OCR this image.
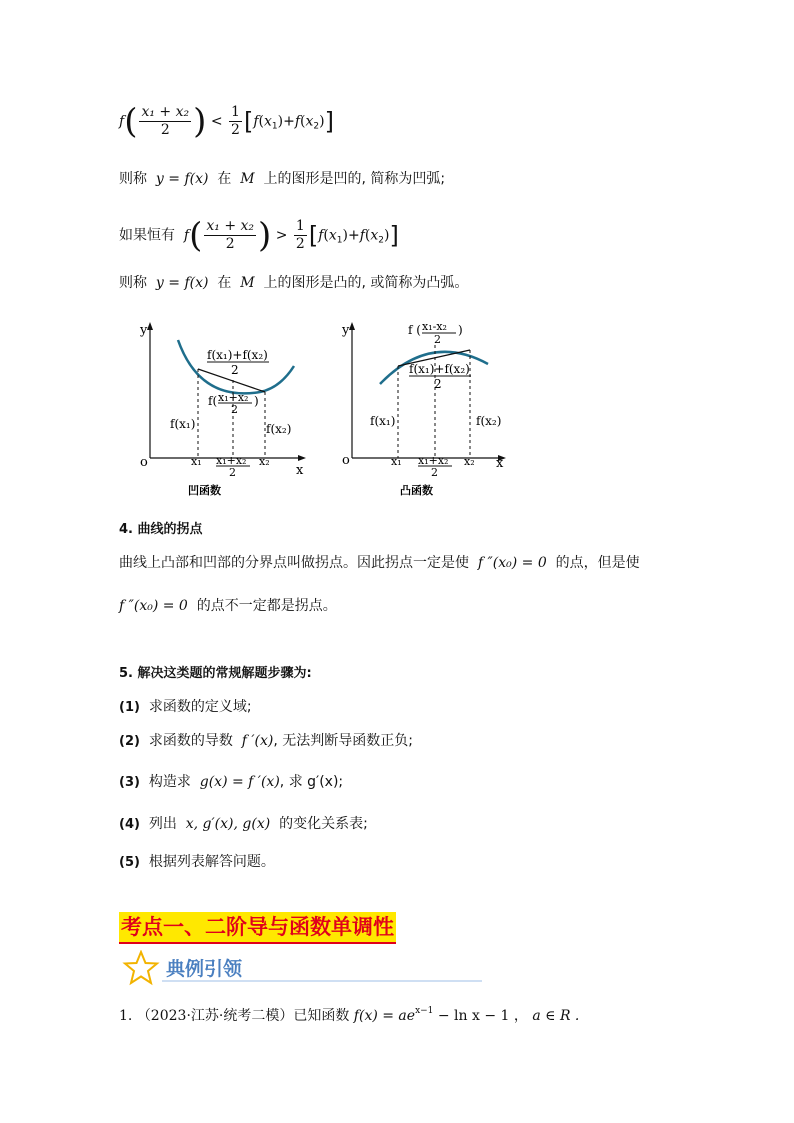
$f( \frac{\text{x₁ + x₂}}{2}$ ) < $\frac{1}{2} [f(x_1)+f(x_2)]$
则称 y = f(x) 在 M 上的图形是凹的, 简称为凹弧;
如果恒有 $f( \frac{\text{x₁ + x₂}}{2}$ ) > $\frac{1}{2} [f(x_1)+f(x_2)]$
则称 y = f(x) 在 M 上的图形是凸的, 或简称为凸弧。
y
x
o
f(x₁)+f(x₂)
2
f( x₁+x₂
2
)
f(x₁)	f(x₂)
x₁	x₂
x₁+x₂
2
凹函数
y
x
o
f ( x₁-x₂
2
)
f(x₁)+f(x₂)
2
f(x₁)	f(x₂)
x₁	x₂
x₁+x₂
2
凸函数
4. 曲线的拐点
曲线上凸部和凹部的分界点叫做拐点。因此拐点一定是使 f ″(x₀) = 0 的点，但是使
f ″(x₀) = 0 的点不一定都是拐点。
5. 解决这类题的常规解题步骤为:
(1) 求函数的定义域;
(2) 求函数的导数 f ′(x), 无法判断导函数正负;
(3) 构造求 g(x) = f ′(x), 求 g′(x);
(4) 列出 x, g′(x), g(x) 的变化关系表;
(5) 根据列表解答问题。
考点一、二阶导与函数单调性
典例引领
1. （2023·江苏·统考二模）已知函数 $f(x) = ae^{x-1} - \ln x - 1$ ， a ∈ R .
